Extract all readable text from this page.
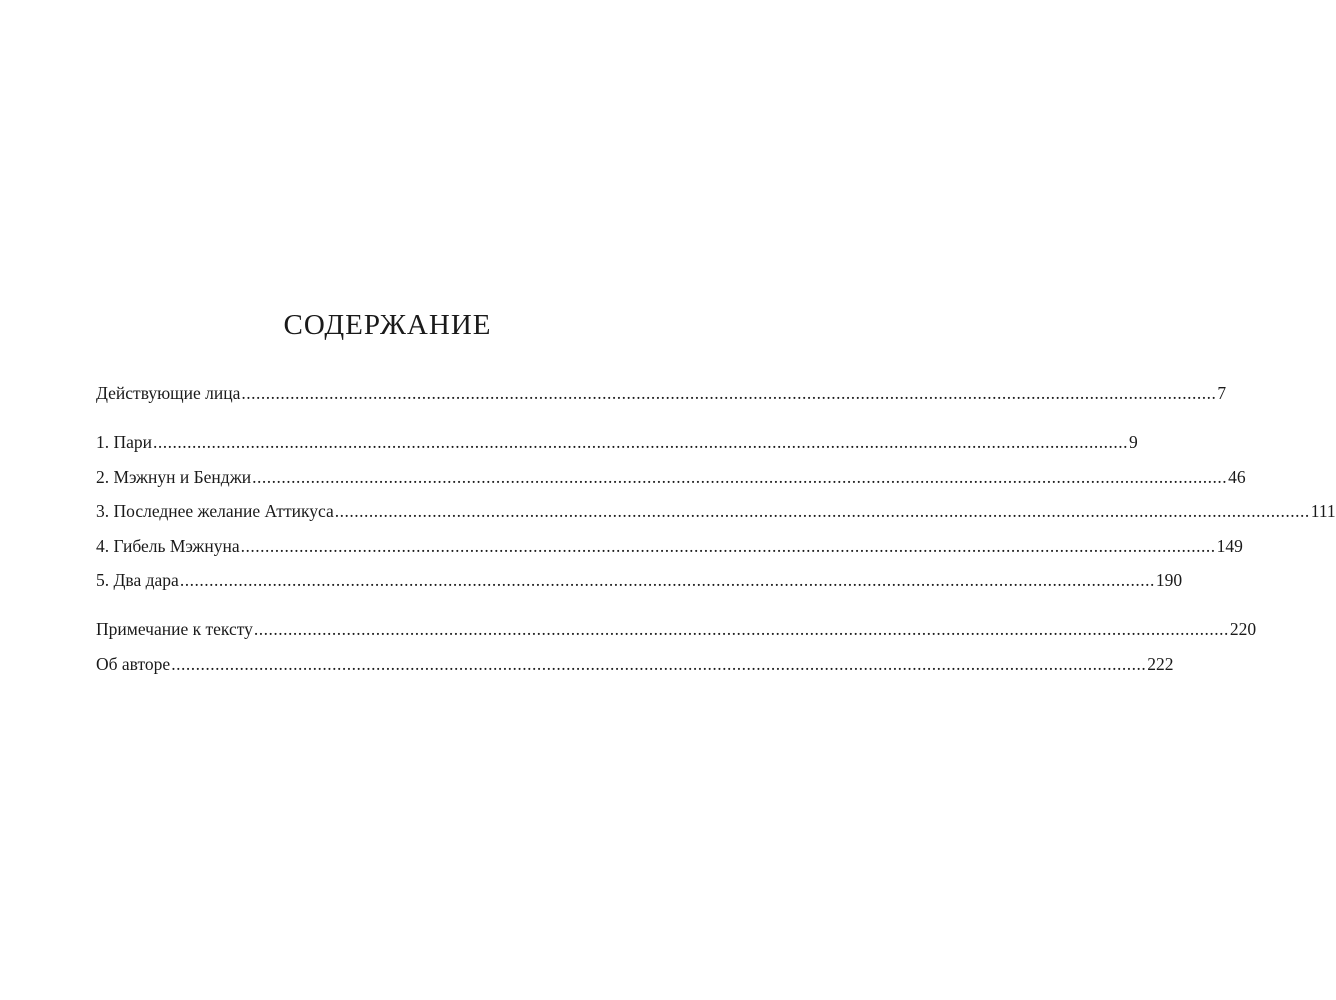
СОДЕРЖАНИЕ
Действующие лица ........................................................................................................................................................................................................ 7
1. Пари ........................................................................................................................................................................................................ 9
2. Мэжнун и Бенджи ........................................................................................................................................................................................................ 46
3. Последнее желание Аттикуса ........................................................................................................................................................................................................ 111
4. Гибель Мэжнуна ........................................................................................................................................................................................................ 149
5. Два дара ........................................................................................................................................................................................................ 190
Примечание к тексту ........................................................................................................................................................................................................ 220
Об авторе ........................................................................................................................................................................................................ 222
